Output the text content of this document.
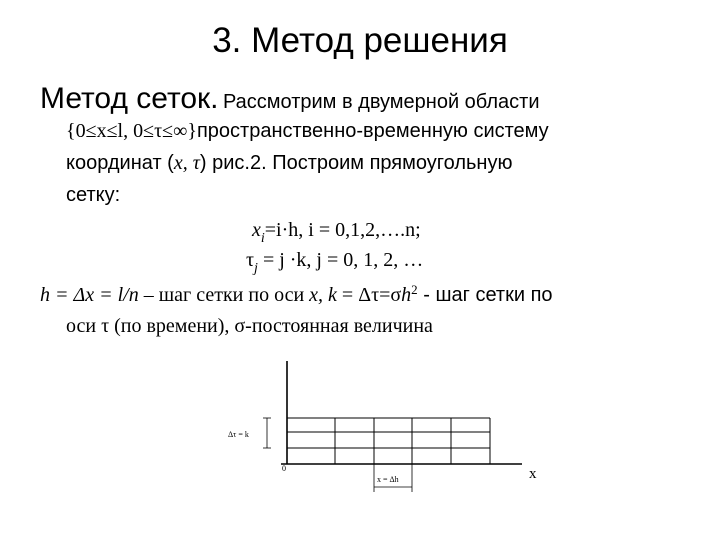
3. Метод решения
Метод сеток. Рассмотрим в двумерной области
{0≤x≤l, 0≤τ≤∞}пространственно-временную систему
координат (x, τ) рис.2. Построим прямоугольную
сетку:
$x_i=i\cdot h$, i = 0,1,2,….n;
$\tau_j = j \cdot k$, j = 0, 1, 2, …
h = Δx = l/n – шаг сетки по оси x, $k = \Delta\tau=\sigma h^2$ - шаг сетки по
оси τ (по времени), σ-постоянная величина
Δτ = k
0
x = Δh	x
